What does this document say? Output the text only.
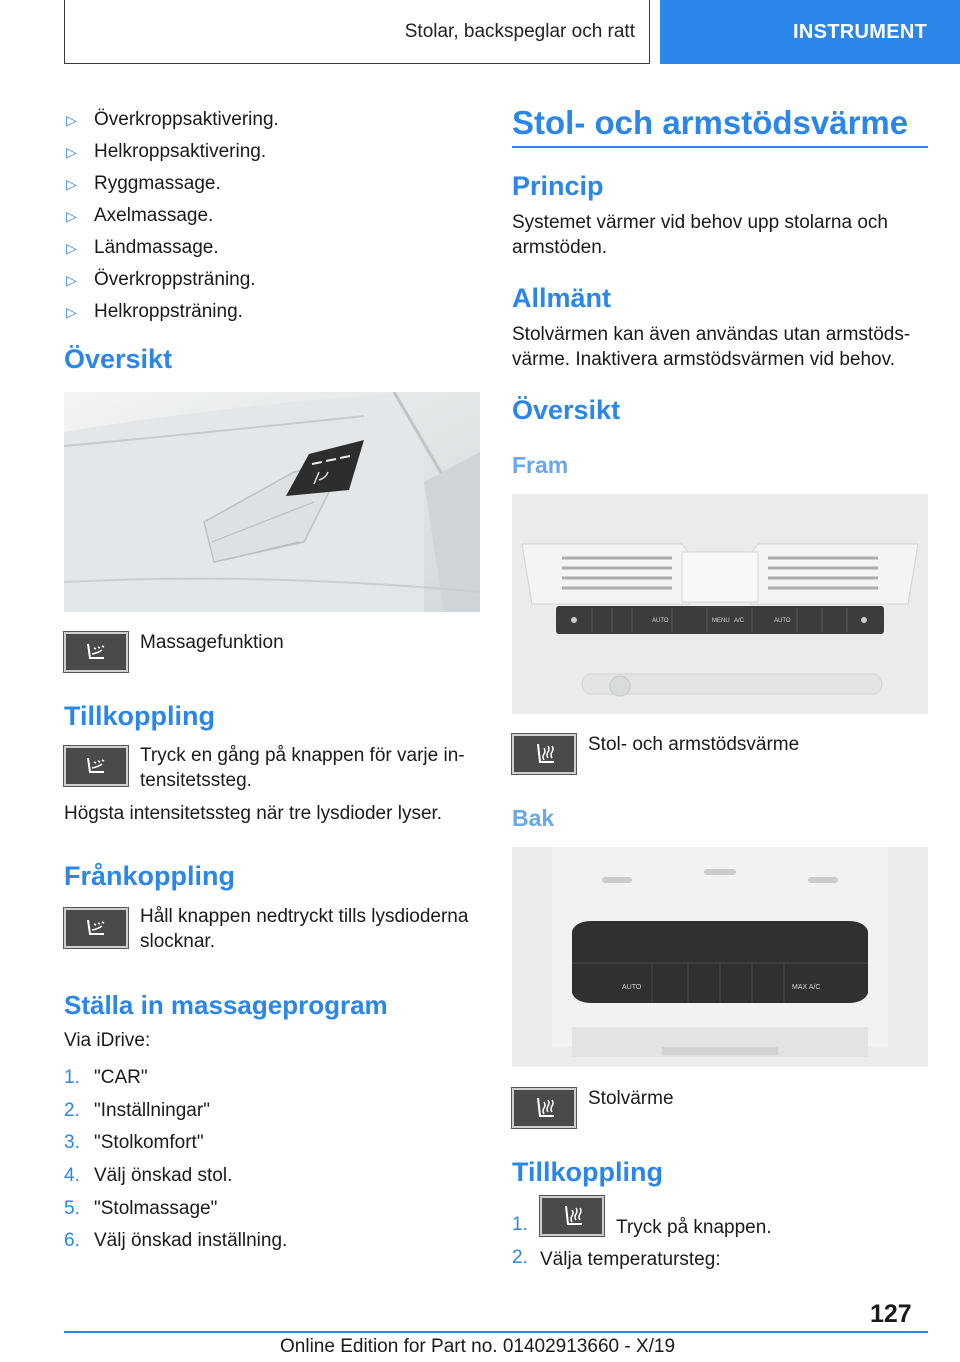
Stolar, backspeglar och ratt	INSTRUMENT
▷ Överkroppsaktivering.
▷ Helkroppsaktivering.
▷ Ryggmassage.
▷ Axelmassage.
▷ Ländmassage.
▷ Överkroppsträning.
▷ Helkroppsträning.
Översikt
Massagefunktion
Tillkoppling
Tryck en gång på knappen för varje in-tensitetssteg.
Högsta intensitetssteg när tre lysdioder lyser.
Frånkoppling
Håll knappen nedtryckt tills lysdioderna slocknar.
Ställa in massageprogram
Via iDrive:
1. "CAR"
2. "Inställningar"
3. "Stolkomfort"
4. Välj önskad stol.
5. "Stolmassage"
6. Välj önskad inställning.
Stol- och armstödsvärme
Princip
Systemet värmer vid behov upp stolarna och armstöden.
Allmänt
Stolvärmen kan även användas utan armstöds-värme. Inaktivera armstödsvärmen vid behov.
Översikt
Fram
AUTO	MENU A/C	AUTO
Stol- och armstödsvärme
Bak
AUTO	MAX A/C
Stolvärme
Tillkoppling
1.	Tryck på knappen.
2. Välja temperatursteg:
127
Online Edition for Part no. 01402913660 - X/19
